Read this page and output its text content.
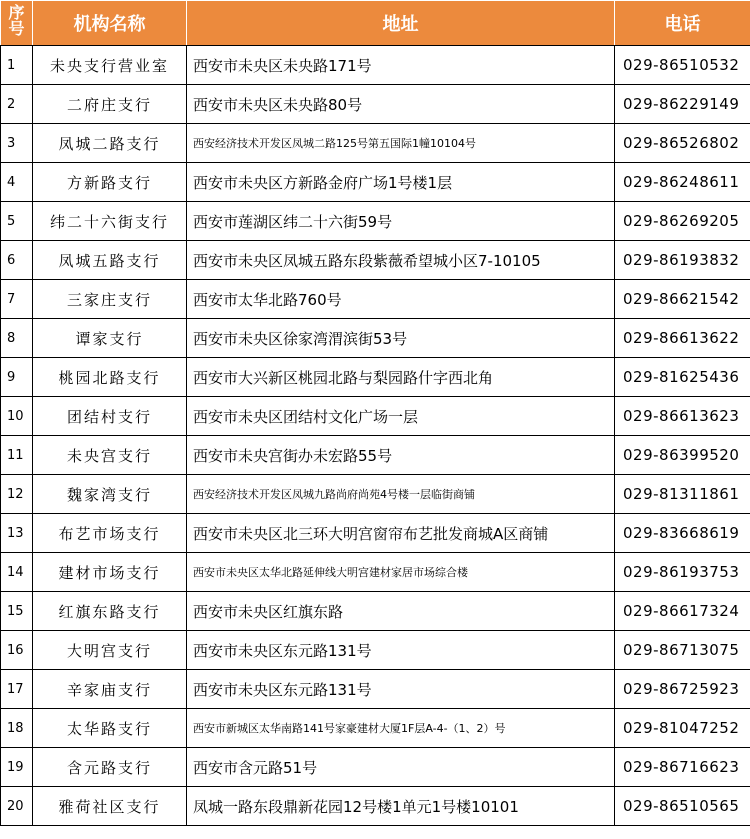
序号	机构名称	地址	电话
1	未央支行营业室	西安市未央区未央路171号	029-86510532
2	二府庄支行	西安市未央区未央路80号	029-86229149
3	凤城二路支行	西安经济技术开发区凤城二路125号第五国际1幢10104号	029-86526802
4	方新路支行	西安市未央区方新路金府广场1号楼1层	029-86248611
5	纬二十六街支行	西安市莲湖区纬二十六街59号	029-86269205
6	凤城五路支行	西安市未央区凤城五路东段紫薇希望城小区7-10105	029-86193832
7	三家庄支行	西安市太华北路760号	029-86621542
8	谭家支行	西安市未央区徐家湾渭滨街53号	029-86613622
9	桃园北路支行	西安市大兴新区桃园北路与梨园路什字西北角	029-81625436
10	团结村支行	西安市未央区团结村文化广场一层	029-86613623
11	未央宫支行	西安市未央宫街办未宏路55号	029-86399520
12	魏家湾支行	西安经济技术开发区凤城九路尚府尚苑4号楼一层临街商铺	029-81311861
13	布艺市场支行	西安市未央区北三环大明宫窗帘布艺批发商城A区商铺	029-83668619
14	建材市场支行	西安市未央区太华北路延伸线大明宫建材家居市场综合楼	029-86193753
15	红旗东路支行	西安市未央区红旗东路	029-86617324
16	大明宫支行	西安市未央区东元路131号	029-86713075
17	辛家庙支行	西安市未央区东元路131号	029-86725923
18	太华路支行	西安市新城区太华南路141号家豪建材大厦1F层A-4-（1、2）号	029-81047252
19	含元路支行	西安市含元路51号	029-86716623
20	雅荷社区支行	凤城一路东段鼎新花园12号楼1单元1号楼10101	029-86510565
